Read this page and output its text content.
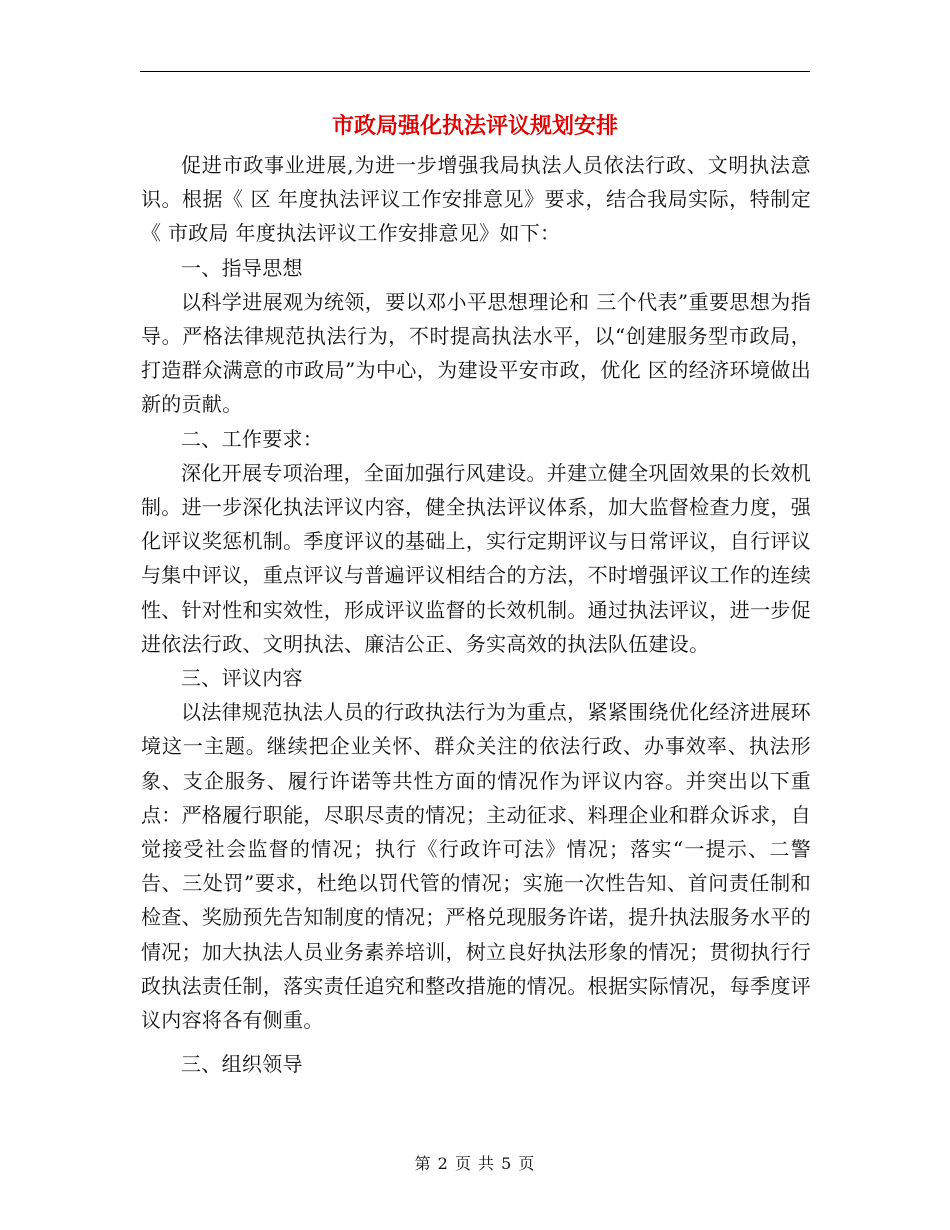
市政局强化执法评议规划安排

促进市政事业进展,为进一步增强我局执法人员依法行政、文明执法意识。根据《 区 年度执法评议工作安排意见》要求，结合我局实际，特制定《 市政局 年度执法评议工作安排意见》如下：

一、指导思想

以科学进展观为统领，要以邓小平思想理论和 三个代表”重要思想为指导。严格法律规范执法行为，不时提高执法水平，以“创建服务型市政局，打造群众满意的市政局”为中心，为建设平安市政，优化 区的经济环境做出新的贡献。

二、工作要求：

深化开展专项治理，全面加强行风建设。并建立健全巩固效果的长效机制。进一步深化执法评议内容，健全执法评议体系，加大监督检查力度，强化评议奖惩机制。季度评议的基础上，实行定期评议与日常评议，自行评议与集中评议，重点评议与普遍评议相结合的方法，不时增强评议工作的连续性、针对性和实效性，形成评议监督的长效机制。通过执法评议，进一步促进依法行政、文明执法、廉洁公正、务实高效的执法队伍建设。

三、评议内容

以法律规范执法人员的行政执法行为为重点，紧紧围绕优化经济进展环境这一主题。继续把企业关怀、群众关注的依法行政、办事效率、执法形象、支企服务、履行许诺等共性方面的情况作为评议内容。并突出以下重点：严格履行职能，尽职尽责的情况；主动征求、料理企业和群众诉求，自觉接受社会监督的情况；执行《行政许可法》情况；落实“一提示、二警告、三处罚”要求，杜绝以罚代管的情况；实施一次性告知、首问责任制和检查、奖励预先告知制度的情况；严格兑现服务许诺，提升执法服务水平的情况；加大执法人员业务素养培训，树立良好执法形象的情况；贯彻执行行政执法责任制，落实责任追究和整改措施的情况。根据实际情况，每季度评议内容将各有侧重。

三、组织领导

第 2 页 共 5 页
